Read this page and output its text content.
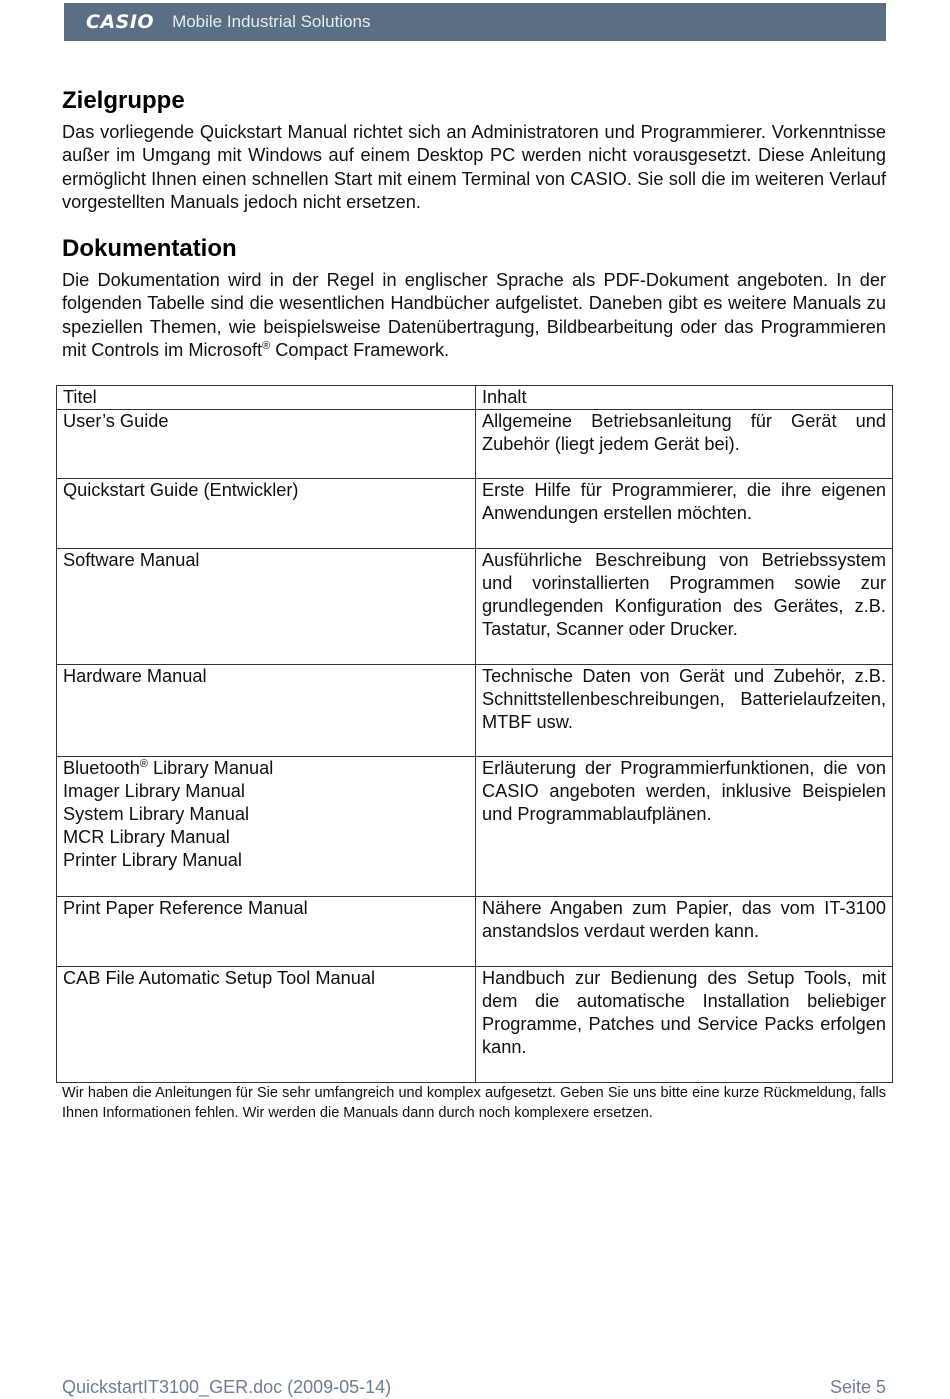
CASIO Mobile Industrial Solutions
Zielgruppe

Das vorliegende Quickstart Manual richtet sich an Administratoren und Programmierer. Vorkenntnisse außer im Umgang mit Windows auf einem Desktop PC werden nicht vorausgesetzt. Diese Anleitung ermöglicht Ihnen einen schnellen Start mit einem Terminal von CASIO. Sie soll die im weiteren Verlauf vorgestellten Manuals jedoch nicht ersetzen.

Dokumentation

Die Dokumentation wird in der Regel in englischer Sprache als PDF-Dokument angeboten. In der folgenden Tabelle sind die wesentlichen Handbücher aufgelistet. Daneben gibt es weitere Manuals zu speziellen Themen, wie beispielsweise Datenübertragung, Bildbearbeitung oder das Programmieren mit Controls im Microsoft® Compact Framework.

Titel	Inhalt
User’s Guide	Allgemeine Betriebsanleitung für Gerät und Zubehör (liegt jedem Gerät bei).
Quickstart Guide (Entwickler)	Erste Hilfe für Programmierer, die ihre eigenen Anwendungen erstellen möchten.
Software Manual	Ausführliche Beschreibung von Betriebssystem und vorinstallierten Programmen sowie zur grundlegenden Konfiguration des Gerätes, z.B. Tastatur, Scanner oder Drucker.
Hardware Manual	Technische Daten von Gerät und Zubehör, z.B. Schnittstellenbeschreibungen, Batterielaufzeiten, MTBF usw.

Bluetooth® Library Manual
Imager Library Manual
System Library Manual
MCR Library Manual
Printer Library Manual	Erläuterung der Programmierfunktionen, die von CASIO angeboten werden, inklusive Beispielen und Programmablaufplänen.
Print Paper Reference Manual	Nähere Angaben zum Papier, das vom IT-3100 anstandslos verdaut werden kann.
CAB File Automatic Setup Tool Manual	Handbuch zur Bedienung des Setup Tools, mit dem die automatische Installation beliebiger Programme, Patches und Service Packs erfolgen kann.

Wir haben die Anleitungen für Sie sehr umfangreich und komplex aufgesetzt. Geben Sie uns bitte eine kurze Rückmeldung, falls Ihnen Informationen fehlen. Wir werden die Manuals dann durch noch komplexere ersetzen.

QuickstartIT3100_GER.doc (2009-05-14)	Seite 5
